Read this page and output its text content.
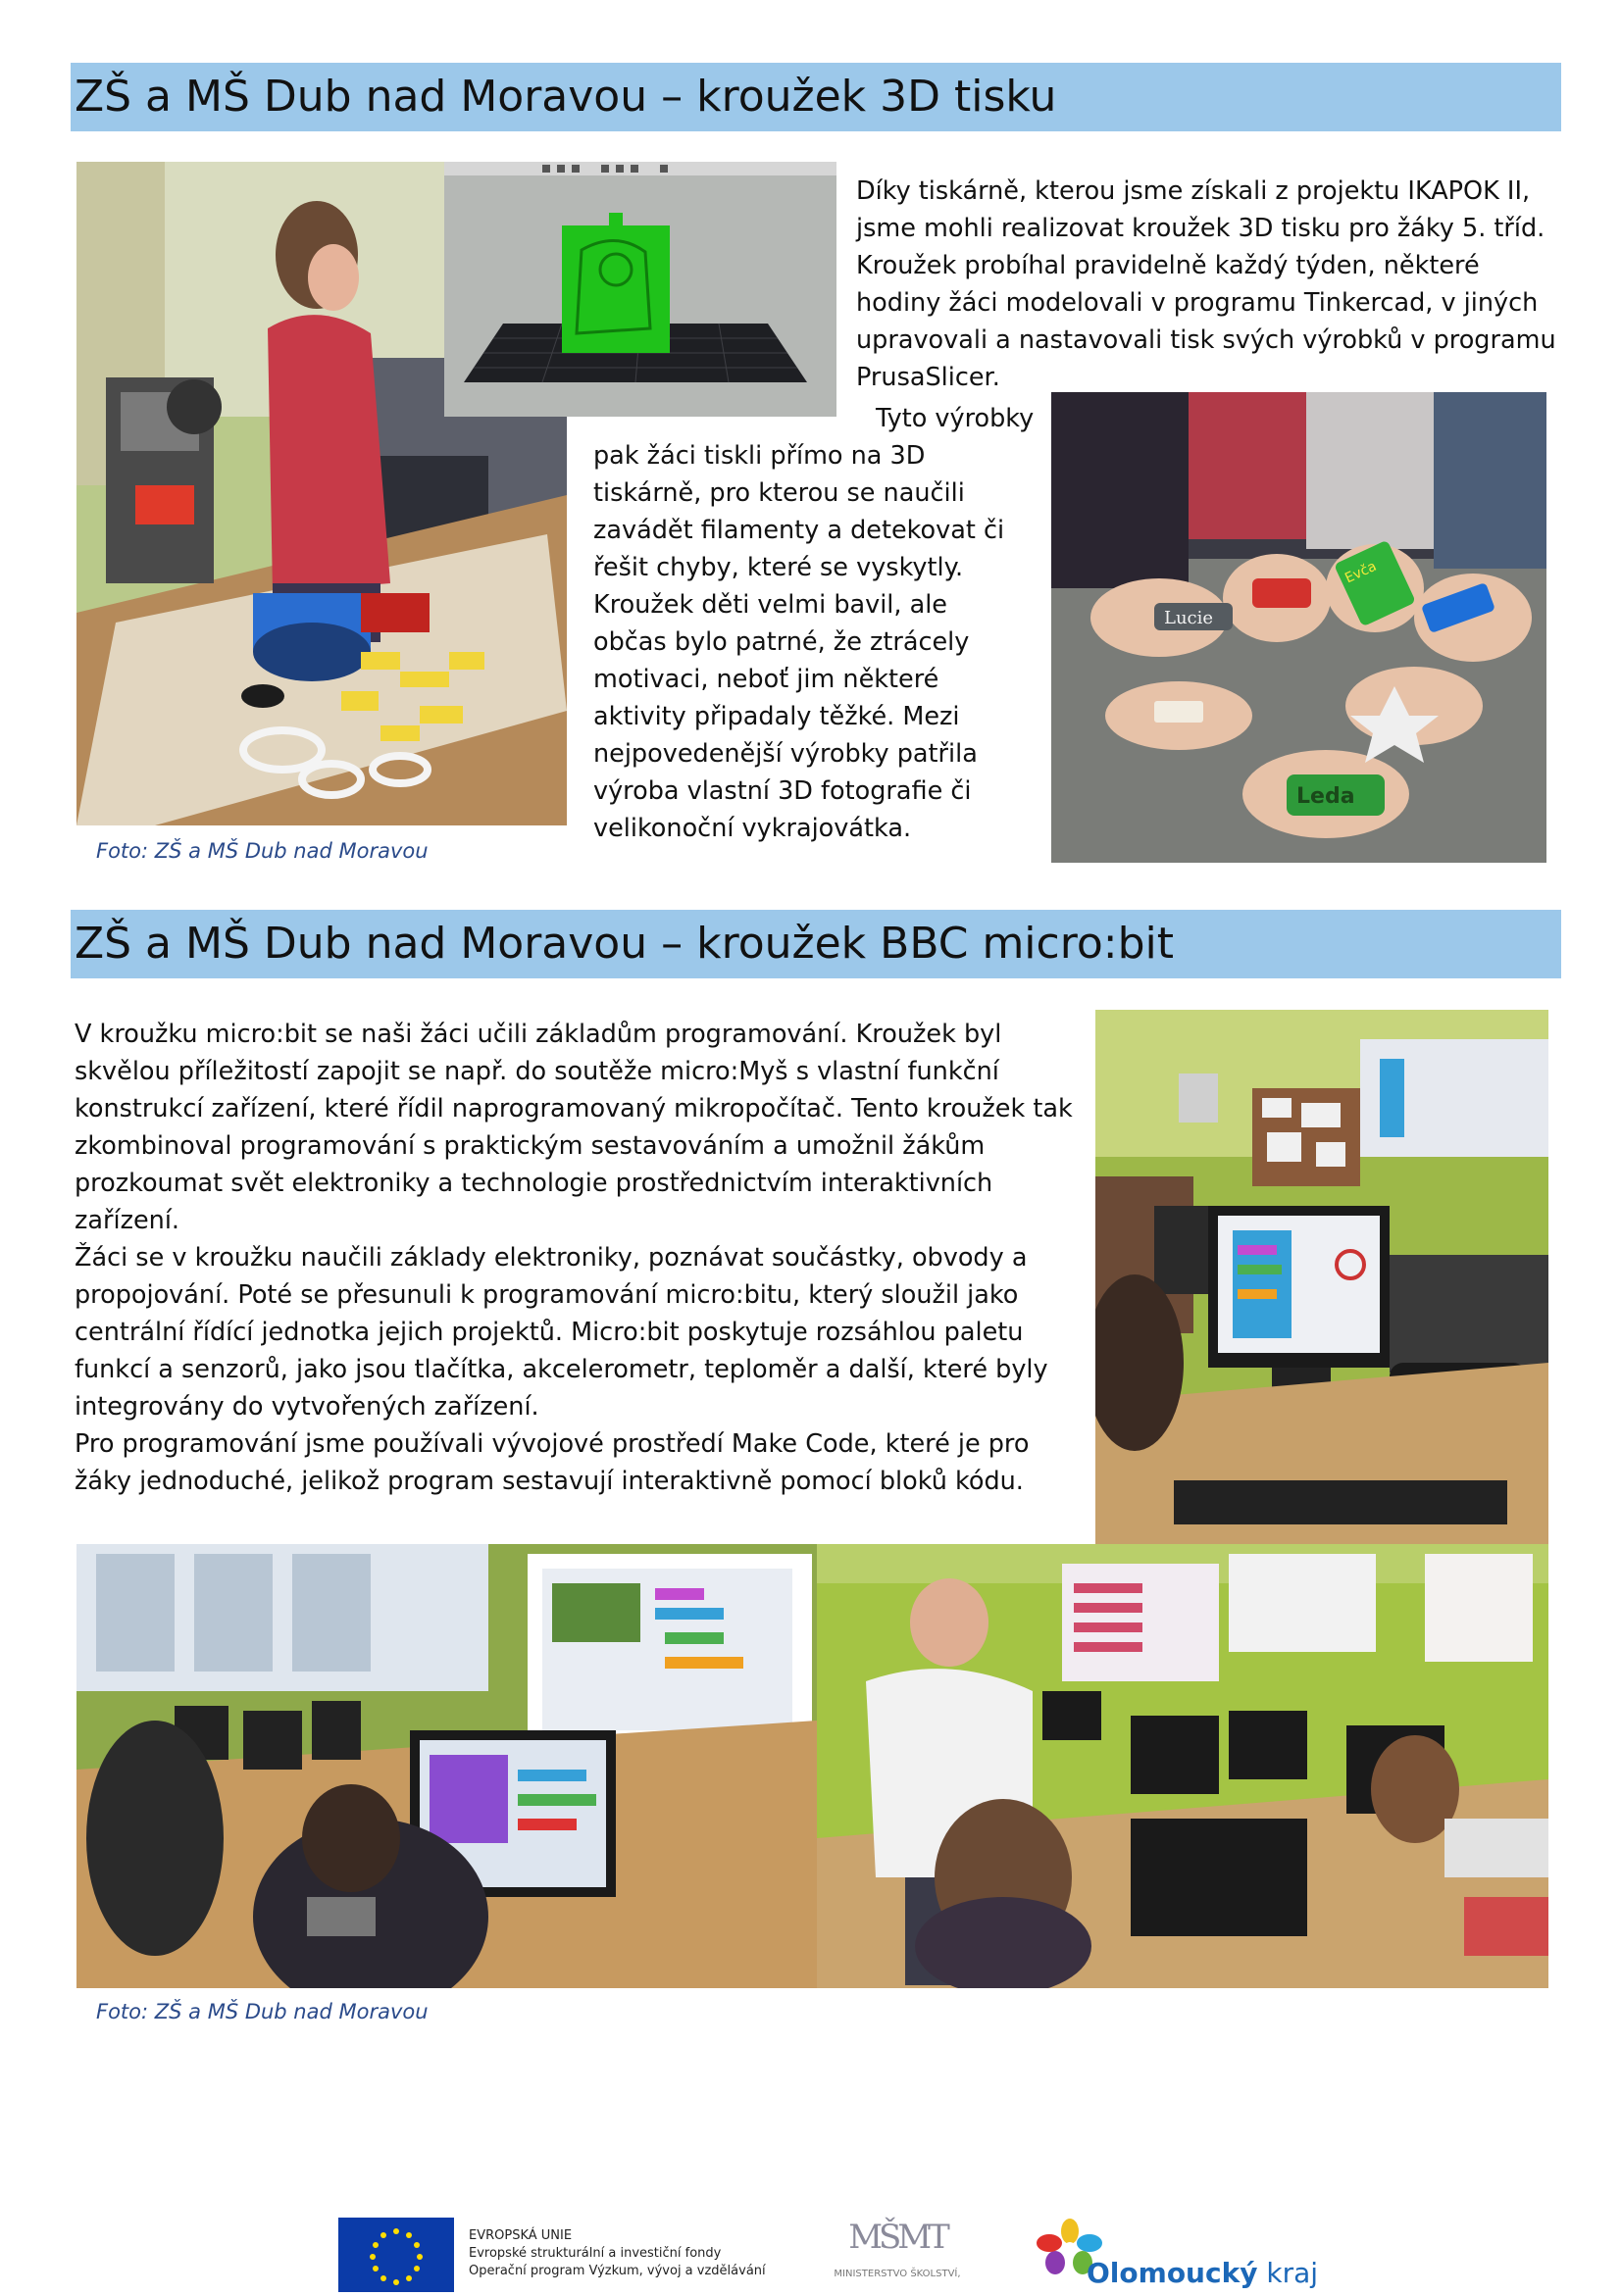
ZŠ a MŠ Dub nad Moravou – kroužek 3D tisku

Díky tiskárně, kterou jsme získali z projektu IKAPOK II, jsme mohli realizovat kroužek 3D tisku pro žáky 5. tříd. Kroužek probíhal pravidelně každý týden, některé hodiny žáci modelovali v programu Tinkercad, v jiných upravovali a nastavovali tisk svých výrobků v programu PrusaSlicer.

Tyto výrobky
pak žáci tiskli přímo na 3D
tiskárně, pro kterou se naučili
zavádět filamenty a detekovat či
řešit chyby, které se vyskytly.
Kroužek děti velmi bavil, ale
občas bylo patrné, že ztrácely
motivaci, neboť jim některé
aktivity připadaly těžké. Mezi
nejpovedenější výrobky patřila
výroba vlastní 3D fotografie či
velikonoční vykrajovátka.
Lucie
Evča
Leda
Foto: ZŠ a MŠ Dub nad Moravou
ZŠ a MŠ Dub nad Moravou – kroužek BBC micro:bit

V kroužku micro:bit se naši žáci učili základům programování. Kroužek byl skvělou příležitostí zapojit se např. do soutěže micro:Myš s vlastní funkční konstrukcí zařízení, které řídil naprogramovaný mikropočítač. Tento kroužek tak zkombinoval programování s praktickým sestavováním a umožnil žákům prozkoumat svět elektroniky a technologie prostřednictvím interaktivních zařízení.

Žáci se v kroužku naučili základy elektroniky, poznávat součástky, obvody a propojování. Poté se přesunuli k programování micro:bitu, který sloužil jako centrální řídící jednotka jejich projektů. Micro:bit poskytuje rozsáhlou paletu funkcí a senzorů, jako jsou tlačítka, akcelerometr, teploměr a další, které byly integrovány do vytvořených zařízení.

Pro programování jsme používali vývojové prostředí Make Code, které je pro žáky jednoduché, jelikož program sestavují interaktivně pomocí bloků kódu.

Foto: ZŠ a MŠ Dub nad Moravou
EVROPSKÁ UNIE
Evropské strukturální a investiční fondy
Operační program Výzkum, vývoj a vzdělávání
MŠMT
MINISTERSTVO ŠKOLSTVÍ,	Olomoucký kraj
